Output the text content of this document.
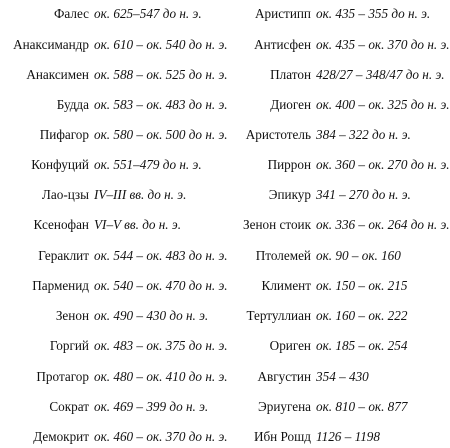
Фалес ок. 625–547 до н. э.	Аристипп ок. 435 – 355 до н. э.
Анаксимандр ок. 610 – ок. 540 до н. э.	Антисфен ок. 435 – ок. 370 до н. э.
Анаксимен ок. 588 – ок. 525 до н. э.	Платон 428/27 – 348/47 до н. э.
Будда ок. 583 – ок. 483 до н. э.	Диоген ок. 400 – ок. 325 до н. э.
Пифагор ок. 580 – ок. 500 до н. э.	Аристотель 384 – 322 до н. э.
Конфуций ок. 551–479 до н. э.	Пиррон ок. 360 – ок. 270 до н. э.
Лао-цзы IV–III вв. до н. э.	Эпикур 341 – 270 до н. э.
Ксенофан VI–V вв. до н. э.	Зенон стоик ок. 336 – ок. 264 до н. э.
Гераклит ок. 544 – ок. 483 до н. э.	Птолемей ок. 90 – ок. 160
Парменид ок. 540 – ок. 470 до н. э.	Климент ок. 150 – ок. 215
Зенон ок. 490 – 430 до н. э.	Тертуллиан ок. 160 – ок. 222
Горгий ок. 483 – ок. 375 до н. э.	Ориген ок. 185 – ок. 254
Протагор ок. 480 – ок. 410 до н. э.	Августин 354 – 430
Сократ ок. 469 – 399 до н. э.	Эриугена ок. 810 – ок. 877
Демокрит ок. 460 – ок. 370 до н. э.	Ибн Рошд 1126 – 1198
